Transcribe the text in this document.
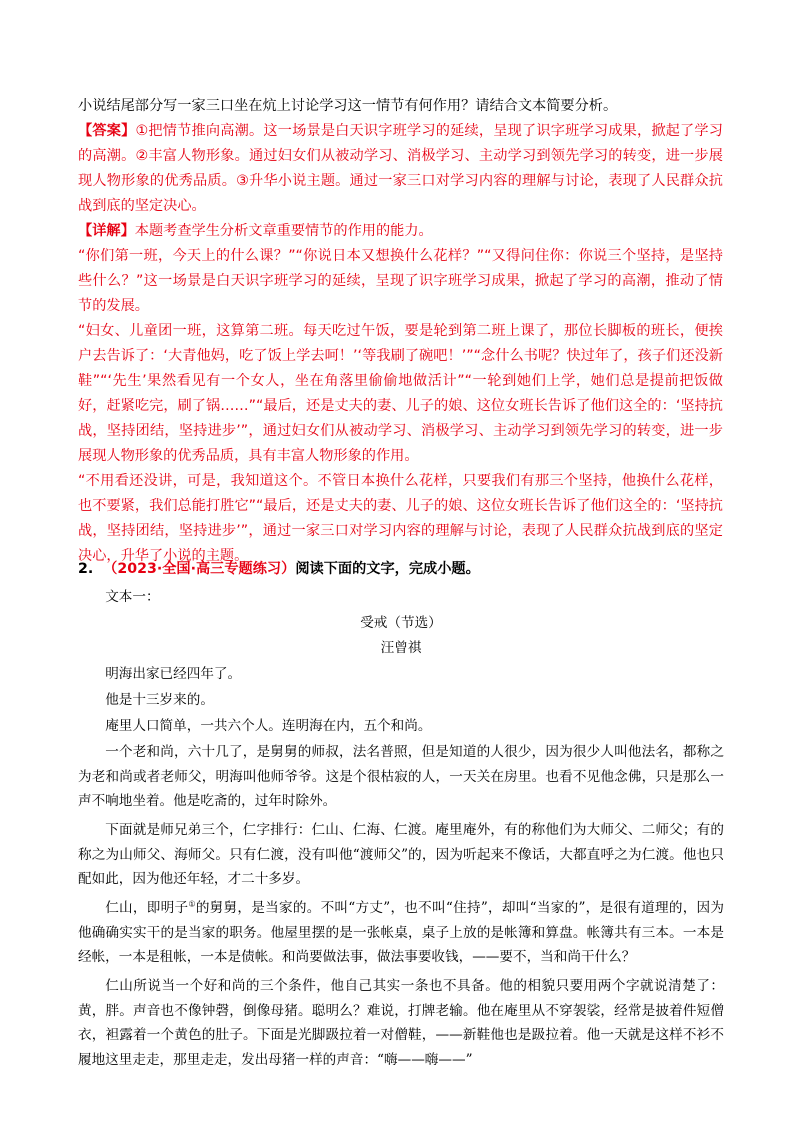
小说结尾部分写一家三口坐在炕上讨论学习这一情节有何作用？请结合文本简要分析。

【答案】①把情节推向高潮。这一场景是白天识字班学习的延续，呈现了识字班学习成果，掀起了学习的高潮。②丰富人物形象。通过妇女们从被动学习、消极学习、主动学习到领先学习的转变，进一步展现人物形象的优秀品质。③升华小说主题。通过一家三口对学习内容的理解与讨论，表现了人民群众抗战到底的坚定决心。

【详解】本题考查学生分析文章重要情节的作用的能力。

“你们第一班，今天上的什么课？”“你说日本又想换什么花样？”“又得问住你：你说三个坚持，是坚持些什么？”这一场景是白天识字班学习的延续，呈现了识字班学习成果，掀起了学习的高潮，推动了情节的发展。

“妇女、儿童团一班，这算第二班。每天吃过午饭，要是轮到第二班上课了，那位长脚板的班长，便挨户去告诉了：‘大青他妈，吃了饭上学去呵！’‘等我刷了碗吧！’”“念什么书呢？快过年了，孩子们还没新鞋”“‘先生’果然看见有一个女人，坐在角落里偷偷地做活计”“一轮到她们上学，她们总是提前把饭做好，赶紧吃完，刷了锅……”“最后，还是丈夫的妻、儿子的娘、这位女班长告诉了他们这全的：‘坚持抗战，坚持团结，坚持进步’”，通过妇女们从被动学习、消极学习、主动学习到领先学习的转变，进一步展现人物形象的优秀品质，具有丰富人物形象的作用。

“不用看还没讲，可是，我知道这个。不管日本换什么花样，只要我们有那三个坚持，他换什么花样，也不要紧，我们总能打胜它”“最后，还是丈夫的妻、儿子的娘、这位女班长告诉了他们这全的：‘坚持抗战，坚持团结，坚持进步’”，通过一家三口对学习内容的理解与讨论，表现了人民群众抗战到底的坚定决心，升华了小说的主题。

2. （2023·全国·高三专题练习）阅读下面的文字，完成小题。

文本一：

受戒（节选）

汪曾祺

明海出家已经四年了。

他是十三岁来的。

庵里人口简单，一共六个人。连明海在内，五个和尚。

一个老和尚，六十几了，是舅舅的师叔，法名普照，但是知道的人很少，因为很少人叫他法名，都称之为老和尚或者老师父，明海叫他师爷爷。这是个很枯寂的人，一天关在房里。也看不见他念佛，只是那么一声不响地坐着。他是吃斋的，过年时除外。

下面就是师兄弟三个，仁字排行：仁山、仁海、仁渡。庵里庵外，有的称他们为大师父、二师父；有的称之为山师父、海师父。只有仁渡，没有叫他“渡师父”的，因为听起来不像话，大都直呼之为仁渡。他也只配如此，因为他还年轻，才二十多岁。

仁山，即明子①的舅舅，是当家的。不叫“方丈”，也不叫“住持”，却叫“当家的”，是很有道理的，因为他确确实实干的是当家的职务。他屋里摆的是一张帐桌，桌子上放的是帐簿和算盘。帐簿共有三本。一本是经帐，一本是租帐，一本是债帐。和尚要做法事，做法事要收钱，——要不，当和尚干什么？

仁山所说当一个好和尚的三个条件，他自己其实一条也不具备。他的相貌只要用两个字就说清楚了：黄，胖。声音也不像钟磬，倒像母猪。聪明么？难说，打牌老输。他在庵里从不穿袈裟，经常是披着件短僧衣，袒露着一个黄色的肚子。下面是光脚趿拉着一对僧鞋，——新鞋他也是趿拉着。他一天就是这样不衫不履地这里走走，那里走走，发出母猪一样的声音：“嗨——嗨——”
